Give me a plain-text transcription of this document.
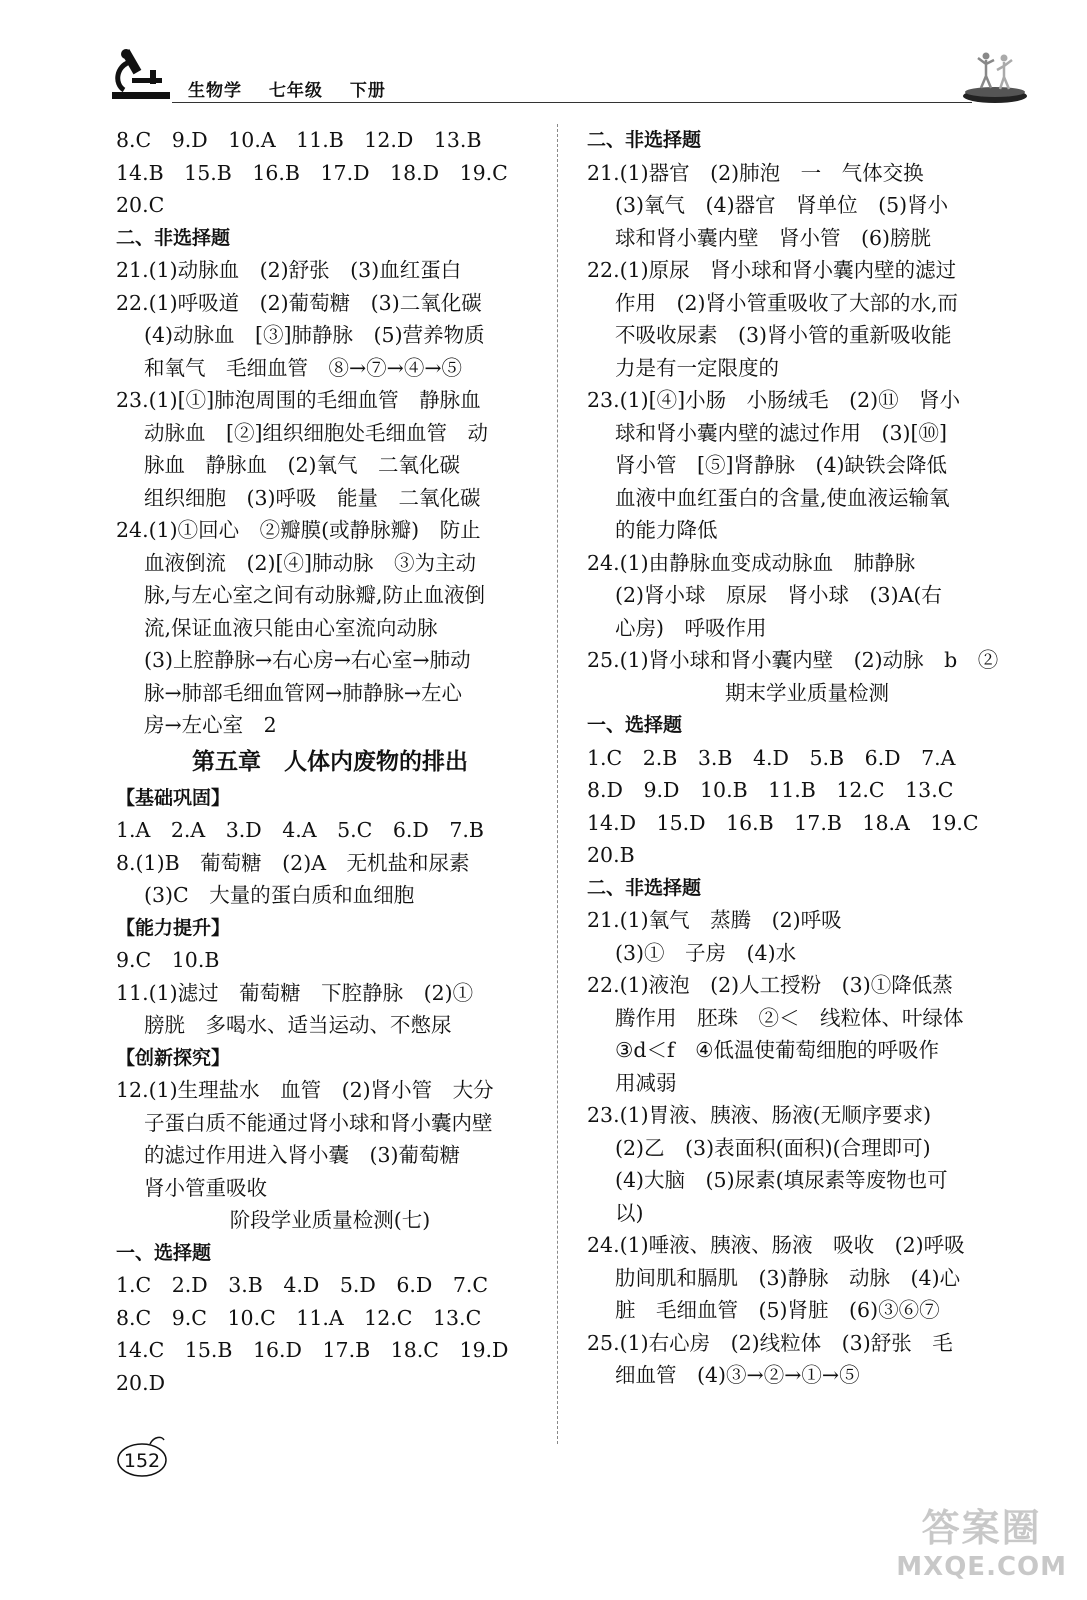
生物学 七年级 下册
8.C　9.D　10.A　11.B　12.D　13.B
14.B　15.B　16.B　17.D　18.D　19.C
20.C
二、非选择题
21.(1)动脉血　(2)舒张　(3)血红蛋白
22.(1)呼吸道　(2)葡萄糖　(3)二氧化碳
(4)动脉血　[③]肺静脉　(5)营养物质
和氧气　毛细血管　⑧→⑦→④→⑤
23.(1)[①]肺泡周围的毛细血管　静脉血
动脉血　[②]组织细胞处毛细血管　动
脉血　静脉血　(2)氧气　二氧化碳
组织细胞　(3)呼吸　能量　二氧化碳
24.(1)①回心　②瓣膜(或静脉瓣)　防止
血液倒流　(2)[④]肺动脉　③为主动
脉,与左心室之间有动脉瓣,防止血液倒
流,保证血液只能由心室流向动脉
(3)上腔静脉→右心房→右心室→肺动
脉→肺部毛细血管网→肺静脉→左心
房→左心室　2
第五章　人体内废物的排出
【基础巩固】
1.A　2.A　3.D　4.A　5.C　6.D　7.B
8.(1)B　葡萄糖　(2)A　无机盐和尿素
(3)C　大量的蛋白质和血细胞
【能力提升】
9.C　10.B
11.(1)滤过　葡萄糖　下腔静脉　(2)①
膀胱　多喝水、适当运动、不憋尿
【创新探究】
12.(1)生理盐水　血管　(2)肾小管　大分
子蛋白质不能通过肾小球和肾小囊内壁
的滤过作用进入肾小囊　(3)葡萄糖
肾小管重吸收
阶段学业质量检测(七)
一、选择题
1.C　2.D　3.B　4.D　5.D　6.D　7.C
8.C　9.C　10.C　11.A　12.C　13.C
14.C　15.B　16.D　17.B　18.C　19.D
20.D
二、非选择题
21.(1)器官　(2)肺泡　一　气体交换
(3)氧气　(4)器官　肾单位　(5)肾小
球和肾小囊内壁　肾小管　(6)膀胱
22.(1)原尿　肾小球和肾小囊内壁的滤过
作用　(2)肾小管重吸收了大部的水,而
不吸收尿素　(3)肾小管的重新吸收能
力是有一定限度的
23.(1)[④]小肠　小肠绒毛　(2)⑪　肾小
球和肾小囊内壁的滤过作用　(3)[⑩]
肾小管　[⑤]肾静脉　(4)缺铁会降低
血液中血红蛋白的含量,使血液运输氧
的能力降低
24.(1)由静脉血变成动脉血　肺静脉
(2)肾小球　原尿　肾小球　(3)A(右
心房)　呼吸作用
25.(1)肾小球和肾小囊内壁　(2)动脉　b　②
期末学业质量检测
一、选择题
1.C　2.B　3.B　4.D　5.B　6.D　7.A
8.D　9.D　10.B　11.B　12.C　13.C
14.D　15.D　16.B　17.B　18.A　19.C
20.B
二、非选择题
21.(1)氧气　蒸腾　(2)呼吸
(3)①　子房　(4)水
22.(1)液泡　(2)人工授粉　(3)①降低蒸
腾作用　胚珠　②＜　线粒体、叶绿体
③d＜f　④低温使葡萄细胞的呼吸作
用减弱
23.(1)胃液、胰液、肠液(无顺序要求)
(2)乙　(3)表面积(面积)(合理即可)
(4)大脑　(5)尿素(填尿素等废物也可
以)
24.(1)唾液、胰液、肠液　吸收　(2)呼吸
肋间肌和膈肌　(3)静脉　动脉　(4)心
脏　毛细血管　(5)肾脏　(6)③⑥⑦
25.(1)右心房　(2)线粒体　(3)舒张　毛
细血管　(4)③→②→①→⑤
152
答案圈
MXQE.COM
